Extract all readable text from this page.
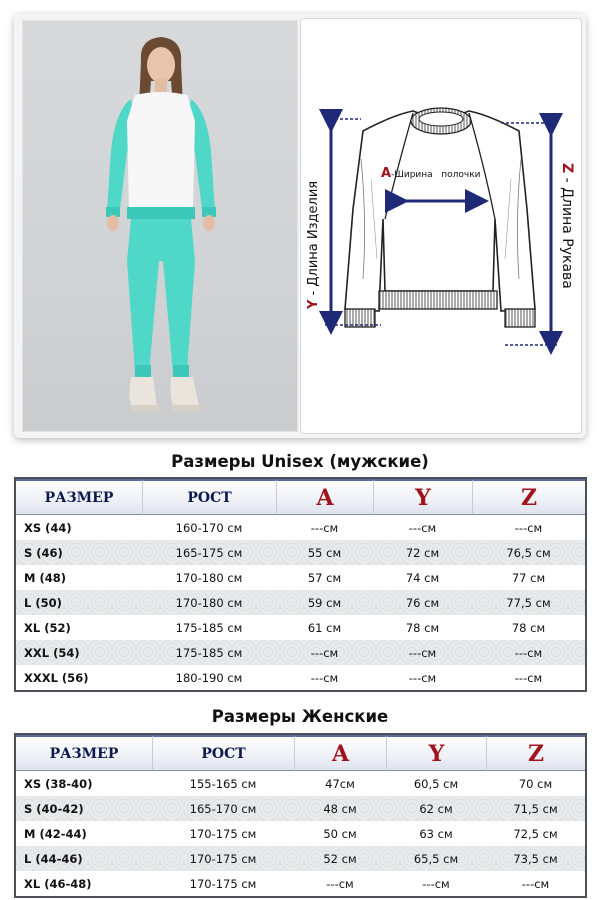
A -Ширина   полочки
Y - Длина Изделия
Z - Длина Рукава
Размеры Unisex (мужские)
РАЗМЕР	РОСТ	A	Y	Z
XS (44)	160-170 см	---см	---см	---см
S (46)	165-175 см	55 см	72 см	76,5 см
M (48)	170-180 см	57 см	74 см	77 см
L (50)	170-180 см	59 см	76 см	77,5 см
XL (52)	175-185 см	61 см	78 см	78 см
XXL (54)	175-185 см	---см	---см	---см
XXXL (56)	180-190 см	---см	---см	---см
Размеры Женские
РАЗМЕР	РОСТ	A	Y	Z
XS (38-40)	155-165 см	47см	60,5 см	70 см
S (40-42)	165-170 см	48 см	62 см	71,5 см
M (42-44)	170-175 см	50 см	63 см	72,5 см
L (44-46)	170-175 см	52 см	65,5 см	73,5 см
XL (46-48)	170-175 см	---см	---см	---см
